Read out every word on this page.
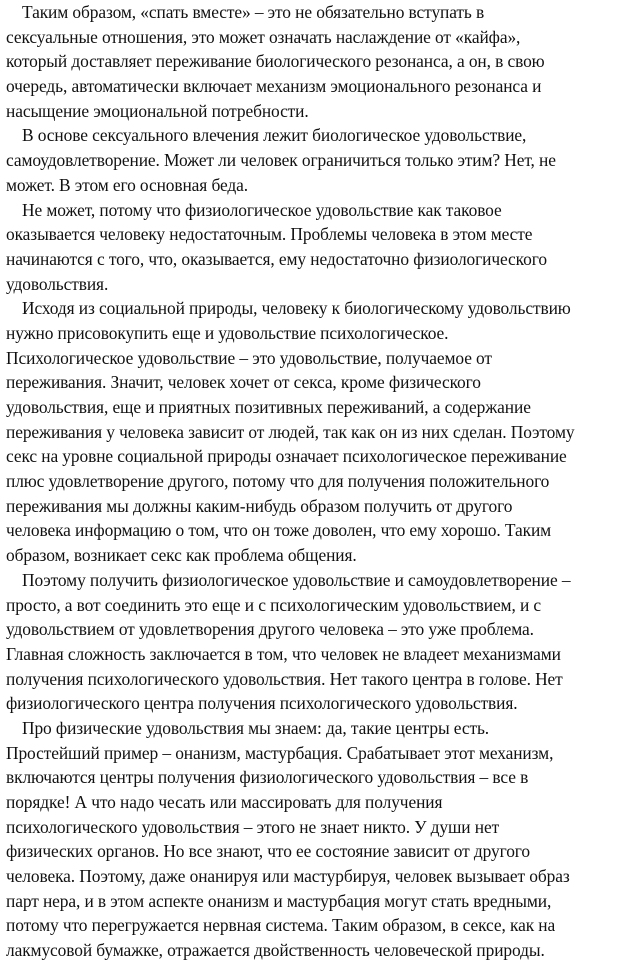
Таким образом, «спать вместе» – это не обязательно вступать в
сексуальные отношения, это может означать наслаждение от «кайфа»,
который доставляет переживание биологического резонанса, а он, в свою
очередь, автоматически включает механизм эмоционального резонанса и
насыщение эмоциональной потребности.

В основе сексуального влечения лежит биологическое удовольствие,
самоудовлетворение. Может ли человек ограничиться только этим? Нет, не
может. В этом его основная беда.

Не может, потому что физиологическое удовольствие как таковое
оказывается человеку недостаточным. Проблемы человека в этом месте
начинаются с того, что, оказывается, ему недостаточно физиологического
удовольствия.

Исходя из социальной природы, человеку к биологическому удовольствию
нужно присовокупить еще и удовольствие психологическое.
Психологическое удовольствие – это удовольствие, получаемое от
переживания. Значит, человек хочет от секса, кроме физического
удовольствия, еще и приятных позитивных переживаний, а содержание
переживания у человека зависит от людей, так как он из них сделан. Поэтому
секс на уровне социальной природы означает психологическое переживание
плюс удовлетворение другого, потому что для получения положительного
переживания мы должны каким-нибудь образом получить от другого
человека информацию о том, что он тоже доволен, что ему хорошо. Таким
образом, возникает секс как проблема общения.

Поэтому получить физиологическое удовольствие и самоудовлетворение –
просто, а вот соединить это еще и с психологическим удовольствием, и с
удовольствием от удовлетворения другого человека – это уже проблема.
Главная сложность заключается в том, что человек не владеет механизмами
получения психологического удовольствия. Нет такого центра в голове. Нет
физиологического центра получения психологического удовольствия.

Про физические удовольствия мы знаем: да, такие центры есть.
Простейший пример – онанизм, мастурбация. Срабатывает этот механизм,
включаются центры получения физиологического удовольствия – все в
порядке! А что надо чесать или массировать для получения
психологического удовольствия – этого не знает никто. У души нет
физических органов. Но все знают, что ее состояние зависит от другого
человека. Поэтому, даже онанируя или мастурбируя, человек вызывает образ
парт нера, и в этом аспекте онанизм и мастурбация могут стать вредными,
потому что перегружается нервная система. Таким образом, в сексе, как на
лакмусовой бумажке, отражается двойственность человеческой природы.
